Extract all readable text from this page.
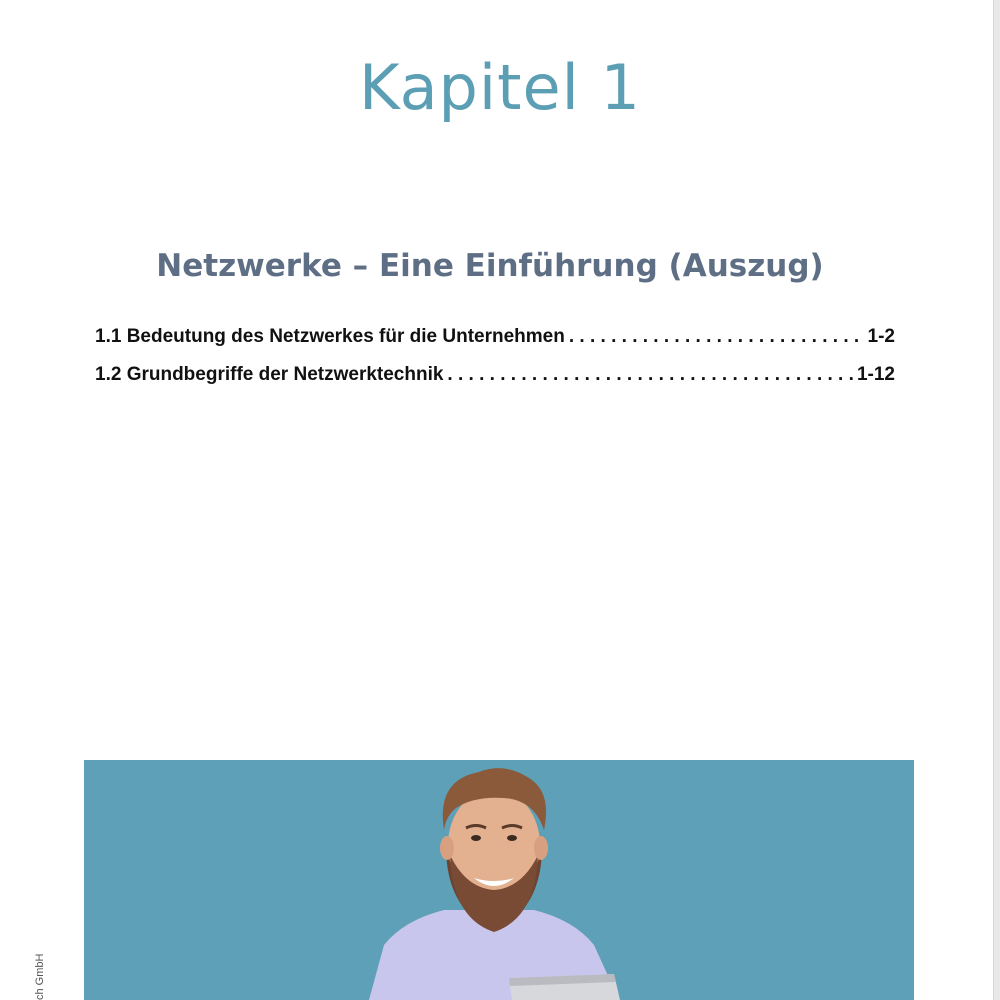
Kapitel 1
Netzwerke – Eine Einführung (Auszug)
1.1 Bedeutung des Netzwerkes für die Unternehmen . . .	1-2
1.2 Grundbegriffe der Netzwerktechnik . . .	1-12
ch GmbH
